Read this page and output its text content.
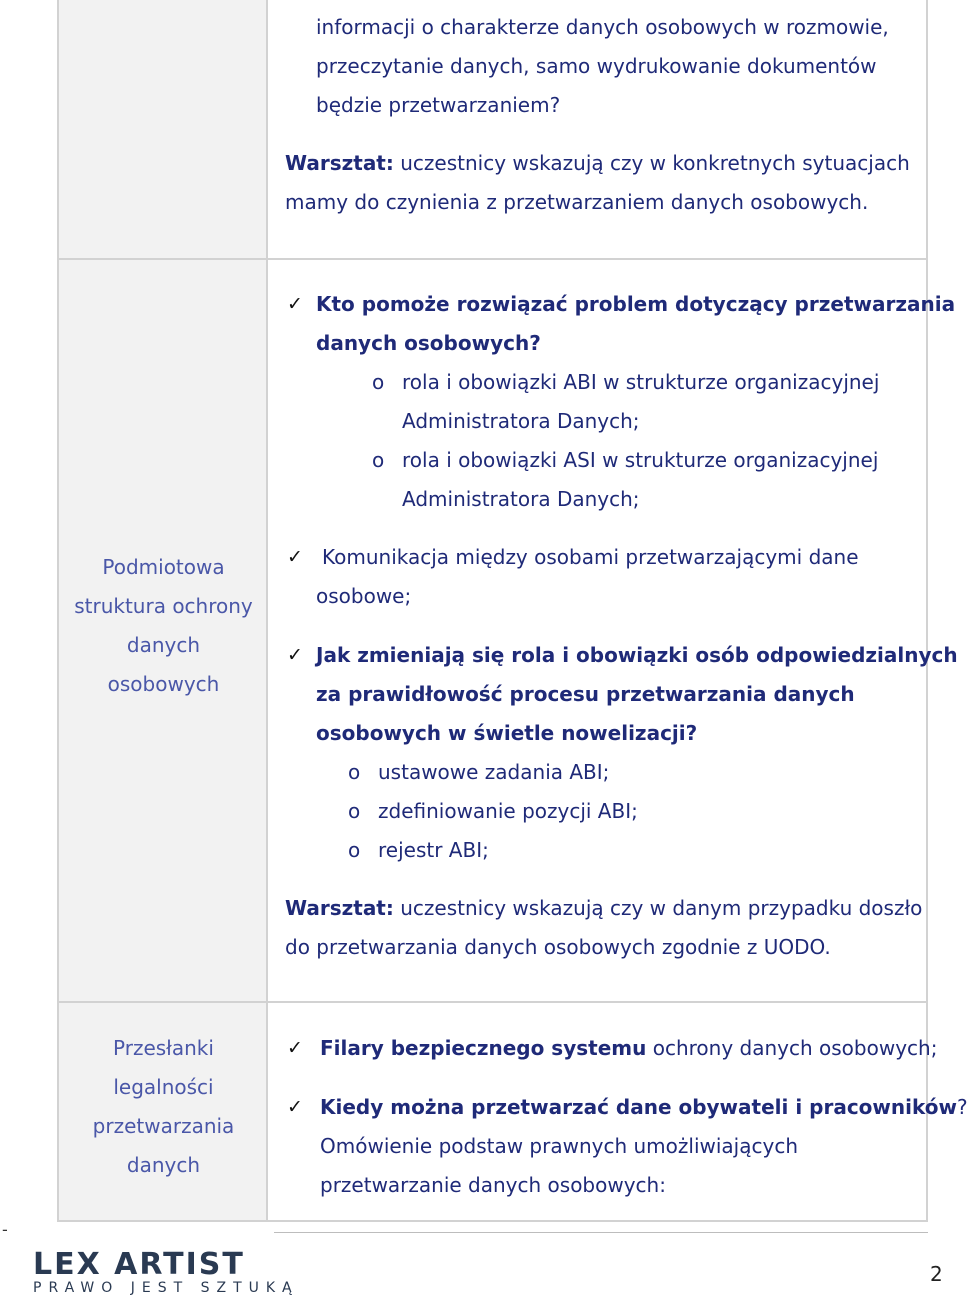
informacji o charakterze danych osobowych w rozmowie,
przeczytanie danych, samo wydrukowanie dokumentów
będzie przetwarzaniem?
Warsztat: uczestnicy wskazują czy w konkretnych sytuacjach
mamy do czynienia z przetwarzaniem danych osobowych.
Podmiotowa
struktura ochrony
danych
osobowych
✓ Kto pomoże rozwiązać problem dotyczący przetwarzania
danych osobowych?
o rola i obowiązki ABI w strukturze organizacyjnej
Administratora Danych;
o rola i obowiązki ASI w strukturze organizacyjnej
Administratora Danych;
✓ Komunikacja między osobami przetwarzającymi dane
osobowe;
✓ Jak zmieniają się rola i obowiązki osób odpowiedzialnych
za prawidłowość procesu przetwarzania danych
osobowych w świetle nowelizacji?
o ustawowe zadania ABI;
o zdefiniowanie pozycji ABI;
o rejestr ABI;
Warsztat: uczestnicy wskazują czy w danym przypadku doszło
do przetwarzania danych osobowych zgodnie z UODO.
Przesłanki
legalności
przetwarzania
danych
✓ Filary bezpiecznego systemu ochrony danych osobowych;
✓ Kiedy można przetwarzać dane obywateli i pracowników?
Omówienie podstaw prawnych umożliwiających
przetwarzanie danych osobowych:
-
LEX ARTIST
PRAWO JEST SZTUKĄ
2
